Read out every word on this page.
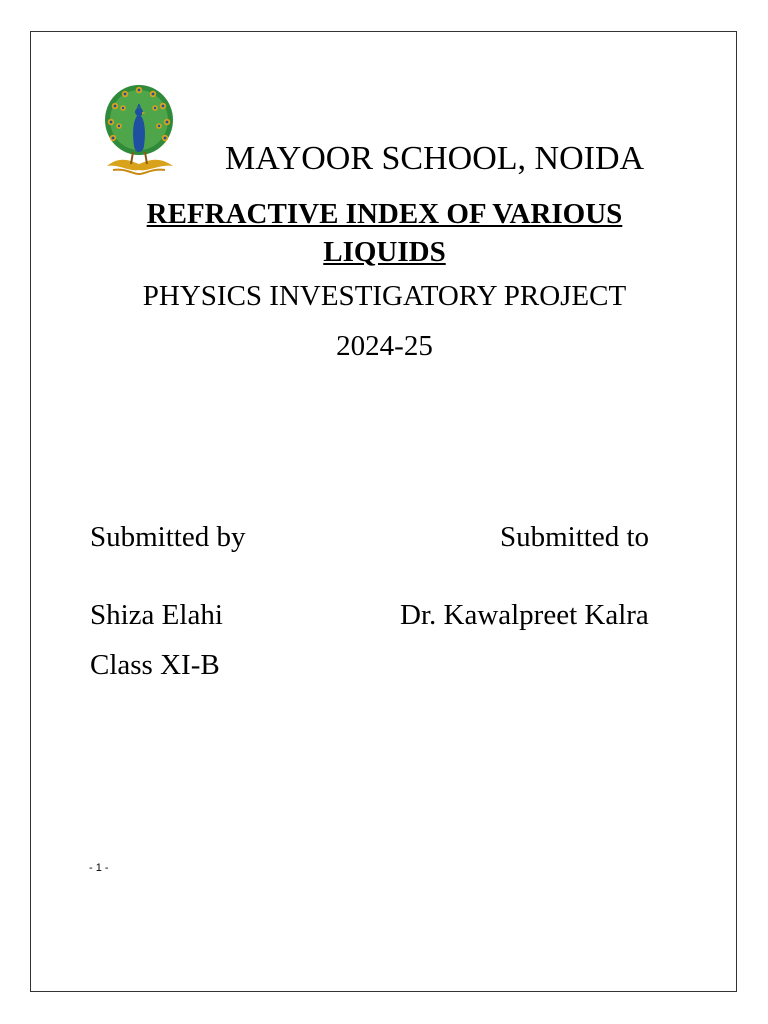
MAYOOR SCHOOL, NOIDA
REFRACTIVE INDEX OF VARIOUS
LIQUIDS
PHYSICS INVESTIGATORY PROJECT
2024-25
Submitted by	Submitted to
Shiza Elahi
Class XI-B
Dr. Kawalpreet Kalra
- 1 -
